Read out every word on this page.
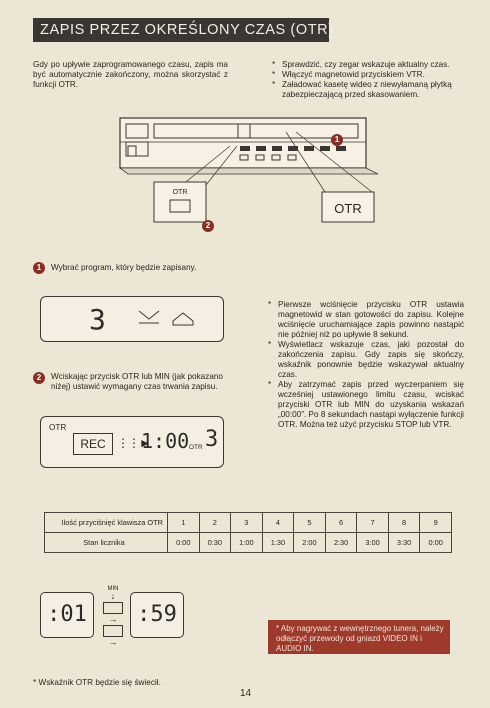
ZAPIS PRZEZ OKREŚLONY CZAS (OTR)
Gdy po upływie zaprogramowanego czasu, zapis ma być automatycznie zakończony, można skorzystać z funkcji OTR.
* Sprawdzić, czy zegar wskazuje aktualny czas.
* Włączyć magnetowid przyciskiem VTR.
* Załadować kasetę wideo z niewyłamaną płytką zabezpieczającą przed skasowaniem.
OTR
OTR
1
2
1	Wybrać program, który będzie zapisany.
3
2	Wciskając przycisk OTR lub MIN (jak pokazano niżej) ustawić wymagany czas trwania zapisu.
OTR
REC ⋮⋮►
1:00 OTR 3
* Pierwsze wciśnięcie przycisku OTR ustawia magnetowid w stan gotowości do zapisu. Kolejne wciśnięcie uruchamiające zapis powinno nastąpić nie później niż po upływie 8 sekund.
* Wyświetlacz wskazuje czas, jaki pozostał do zakończenia zapisu. Gdy zapis się skończy, wskaźnik ponownie będzie wskazywał aktualny czas.
* Aby zatrzymać zapis przed wyczerpaniem się wcześniej ustawionego limitu czasu, wciskać przyciski OTR lub MIN do uzyskania wskazań „00:00”. Po 8 sekundach nastąpi wyłączenie funkcji OTR. Można też użyć przycisku STOP lub VTR.
Ilość przyciśnięć klawisza OTR	1	2	3	4	5	6	7	8	9
Stan licznika	0:00	0:30	1:00	1:30	2:00	2:30	3:00	3:30	0:00
:01
MIN
↓
→
→
:59
* Aby nagrywać z wewnętrznego tunera, należy odłączyć przewody od gniazd VIDEO IN i AUDIO IN.
* Wskaźnik OTR będzie się świecił.
14
